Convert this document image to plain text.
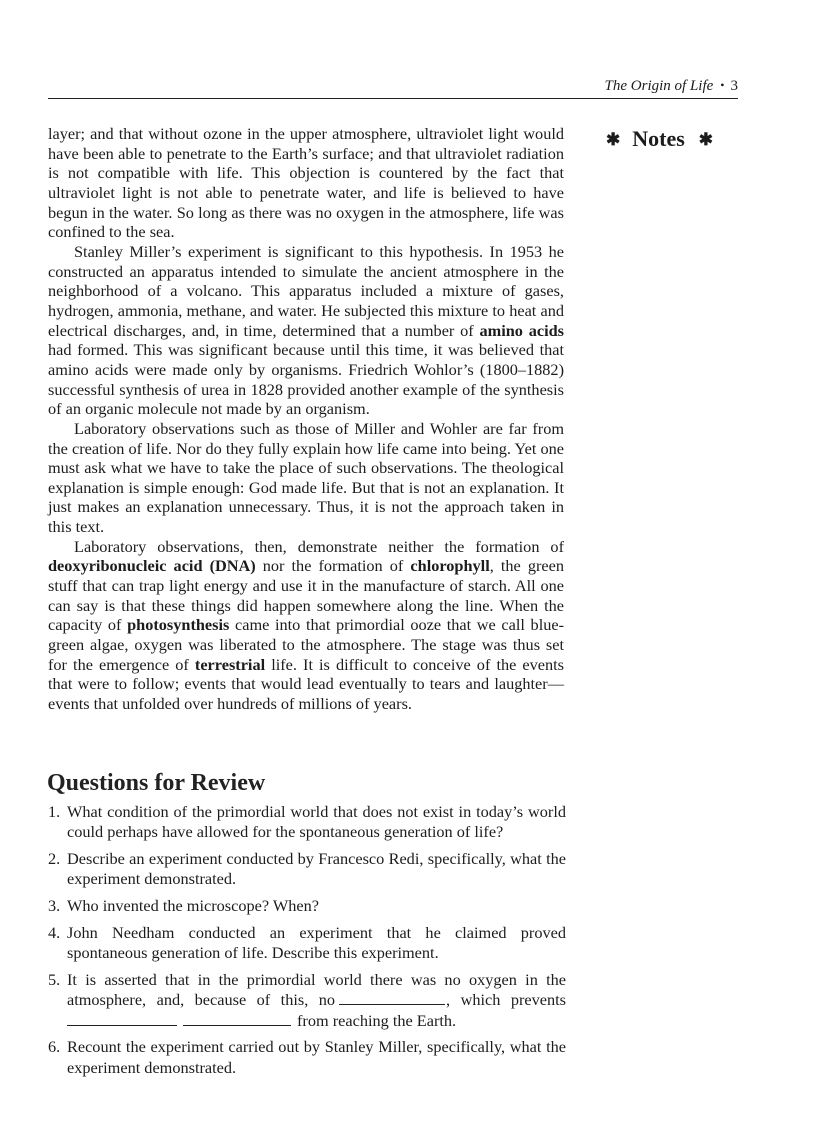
The Origin of Life • 3
✱ Notes ✱

layer; and that without ozone in the upper atmosphere, ultraviolet light would have been able to penetrate to the Earth’s surface; and that ultraviolet radiation is not compatible with life. This objection is countered by the fact that ultraviolet light is not able to penetrate water, and life is believed to have begun in the water. So long as there was no oxygen in the atmosphere, life was confined to the sea.

Stanley Miller’s experiment is significant to this hypothesis. In 1953 he constructed an apparatus intended to simulate the ancient atmosphere in the neighborhood of a volcano. This apparatus included a mixture of gases, hydrogen, ammonia, methane, and water. He subjected this mixture to heat and electrical discharges, and, in time, determined that a number of amino acids had formed. This was significant because until this time, it was believed that amino acids were made only by organisms. Friedrich Wohlor’s (1800–1882) successful synthesis of urea in 1828 provided another example of the synthesis of an organic molecule not made by an organism.

Laboratory observations such as those of Miller and Wohler are far from the creation of life. Nor do they fully explain how life came into being. Yet one must ask what we have to take the place of such observations. The theological explanation is simple enough: God made life. But that is not an explanation. It just makes an explanation unnecessary. Thus, it is not the approach taken in this text.

Laboratory observations, then, demonstrate neither the formation of deoxyribonucleic acid (DNA) nor the formation of chlorophyll, the green stuff that can trap light energy and use it in the manufacture of starch. All one can say is that these things did happen somewhere along the line. When the capacity of photosynthesis came into that primordial ooze that we call blue-green algae, oxygen was liberated to the atmosphere. The stage was thus set for the emergence of terrestrial life. It is difficult to conceive of the events that were to follow; events that would lead eventually to tears and laughter—events that unfolded over hundreds of millions of years.

Questions for Review
1. What condition of the primordial world that does not exist in today’s world could perhaps have allowed for the spontaneous generation of life?
2. Describe an experiment conducted by Francesco Redi, specifically, what the experiment demonstrated.
3. Who invented the microscope? When?
4. John Needham conducted an experiment that he claimed proved spontaneous generation of life. Describe this experiment.
5. It is asserted that in the primordial world there was no oxygen in the atmosphere, and, because of this, no	, which prevents from reaching the Earth.
6. Recount the experiment carried out by Stanley Miller, specifically, what the experiment demonstrated.
